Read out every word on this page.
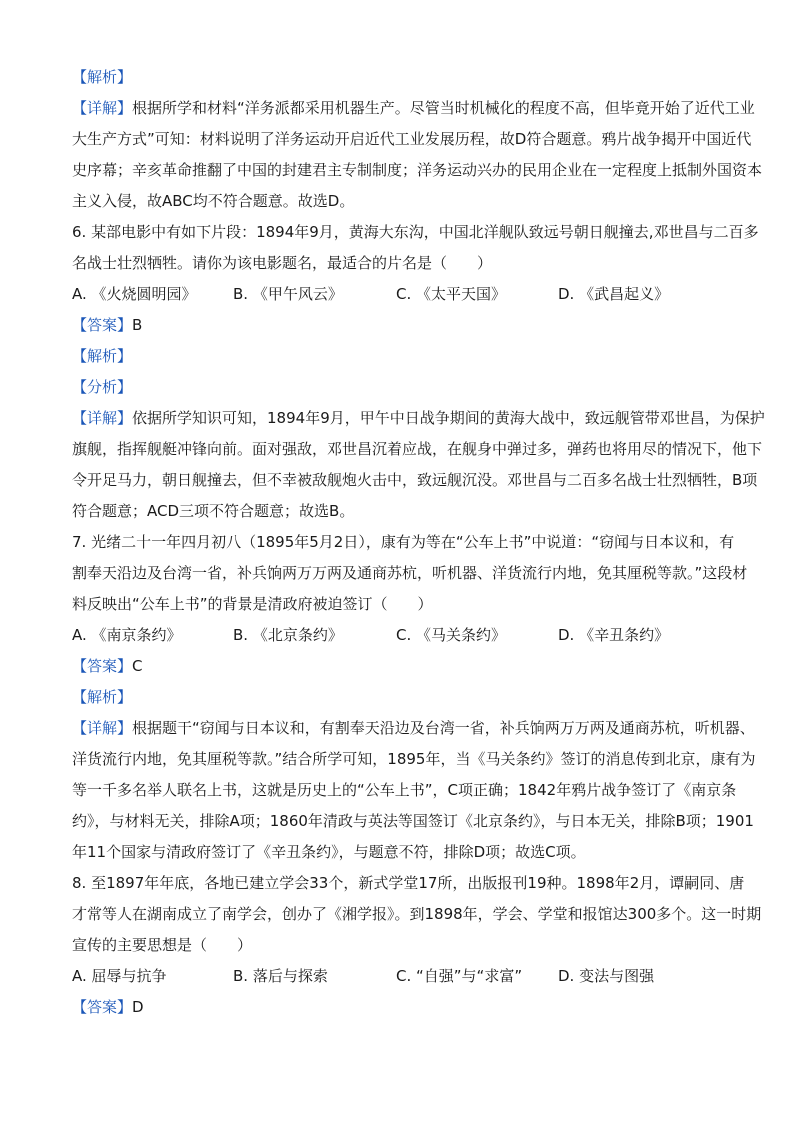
【解析】
【详解】根据所学和材料“洋务派都采用机器生产。尽管当时机械化的程度不高，但毕竟开始了近代工业
大生产方式”可知：材料说明了洋务运动开启近代工业发展历程，故D符合题意。鸦片战争揭开中国近代
史序幕；辛亥革命推翻了中国的封建君主专制制度；洋务运动兴办的民用企业在一定程度上抵制外国资本
主义入侵，故ABC均不符合题意。故选D。
6. 某部电影中有如下片段：1894年9月，黄海大东沟，中国北洋舰队致远号朝日舰撞去,邓世昌与二百多
名战士壮烈牺牲。请你为该电影题名，最适合的片名是（　　）
A. 《火烧圆明园》 B. 《甲午风云》	C. 《太平天国》	D. 《武昌起义》
【答案】B
【解析】
【分析】
【详解】依据所学知识可知，1894年9月，甲午中日战争期间的黄海大战中，致远舰管带邓世昌，为保护
旗舰，指挥舰艇冲锋向前。面对强敌，邓世昌沉着应战，在舰身中弹过多，弹药也将用尽的情况下，他下
令开足马力，朝日舰撞去，但不幸被敌舰炮火击中，致远舰沉没。邓世昌与二百多名战士壮烈牺牲，B项
符合题意；ACD三项不符合题意；故选B。
7. 光绪二十一年四月初八（1895年5月2日），康有为等在“公车上书”中说道：“窃闻与日本议和，有
割奉天沿边及台湾一省，补兵饷两万万两及通商苏杭，听机器、洋货流行内地，免其厘税等款。”这段材
料反映出“公车上书”的背景是清政府被迫签订（　　）
A. 《南京条约》	B. 《北京条约》	C. 《马关条约》	D. 《辛丑条约》
【答案】C
【解析】
【详解】根据题干“窃闻与日本议和，有割奉天沿边及台湾一省，补兵饷两万万两及通商苏杭，听机器、
洋货流行内地，免其厘税等款。”结合所学可知，1895年，当《马关条约》签订的消息传到北京，康有为
等一千多名举人联名上书，这就是历史上的“公车上书”，C项正确；1842年鸦片战争签订了《南京条
约》，与材料无关，排除A项；1860年清政与英法等国签订《北京条约》，与日本无关，排除B项；1901
年11个国家与清政府签订了《辛丑条约》，与题意不符，排除D项；故选C项。
8. 至1897年年底，各地已建立学会33个，新式学堂17所，出版报刊19种。1898年2月，谭嗣同、唐
才常等人在湖南成立了南学会，创办了《湘学报》。到1898年，学会、学堂和报馆达300多个。这一时期
宣传的主要思想是（　　）
A. 屈辱与抗争	B. 落后与探索	C. “自强”与“求富” D. 变法与图强
【答案】D
